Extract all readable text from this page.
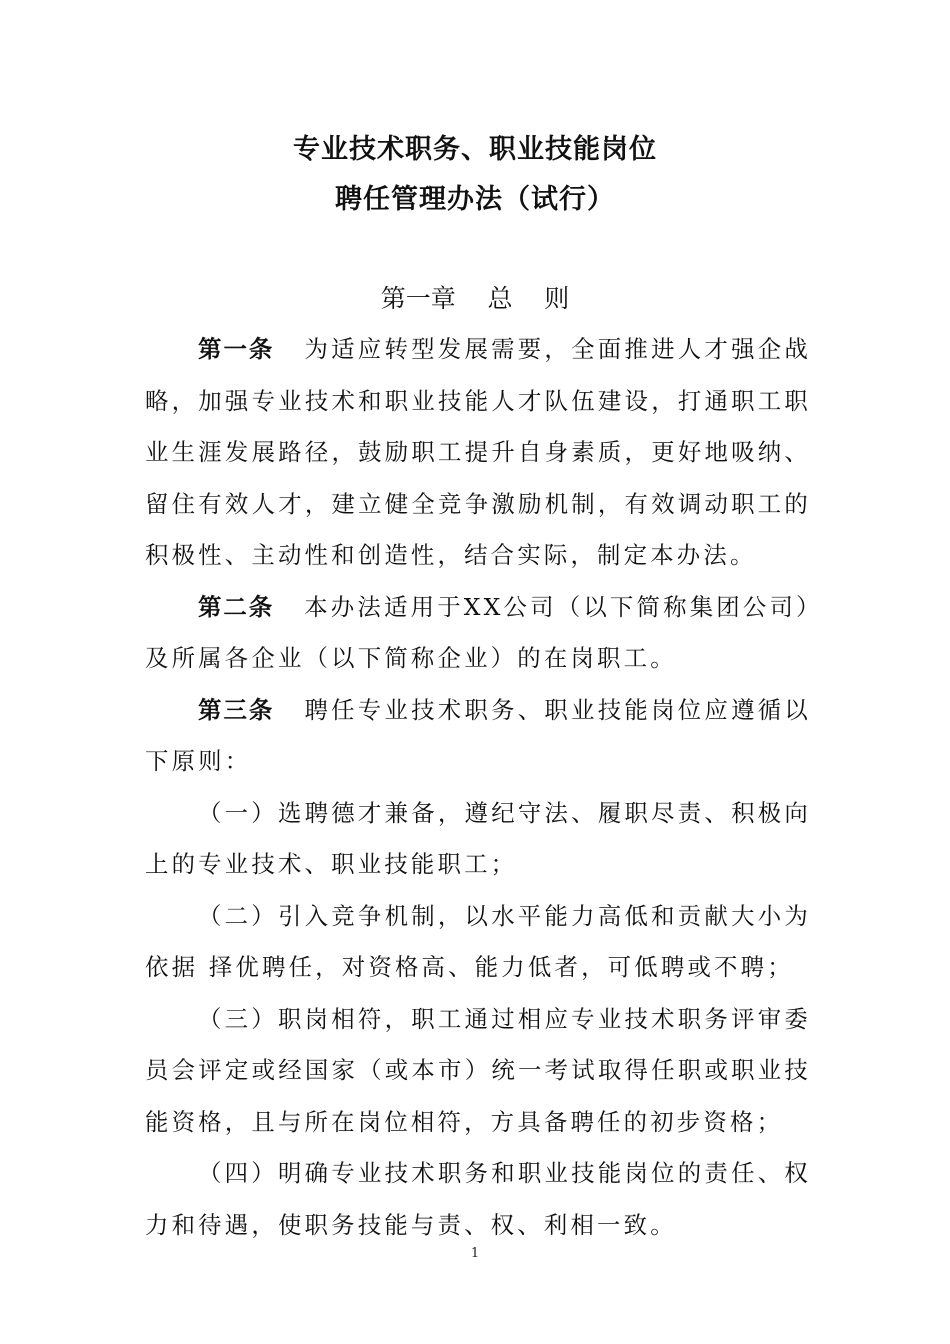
专业技术职务、职业技能岗位
聘任管理办法（试行）
第一章    总    则

第一条 为适应转型发展需要，全面推进人才强企战略，加强专业技术和职业技能人才队伍建设，打通职工职业生涯发展路径，鼓励职工提升自身素质，更好地吸纳、留住有效人才，建立健全竞争激励机制，有效调动职工的积极性、主动性和创造性，结合实际，制定本办法。

第二条 本办法适用于XX公司（以下简称集团公司）及所属各企业（以下简称企业）的在岗职工。

第三条 聘任专业技术职务、职业技能岗位应遵循以下原则：

（一）选聘德才兼备，遵纪守法、履职尽责、积极向上的专业技术、职业技能职工；

（二）引入竞争机制，以水平能力高低和贡献大小为依据 择优聘任，对资格高、能力低者，可低聘或不聘；

（三）职岗相符，职工通过相应专业技术职务评审委员会评定或经国家（或本市）统一考试取得任职或职业技能资格，且与所在岗位相符，方具备聘任的初步资格；

（四）明确专业技术职务和职业技能岗位的责任、权力和待遇，使职务技能与责、权、利相一致。

1
